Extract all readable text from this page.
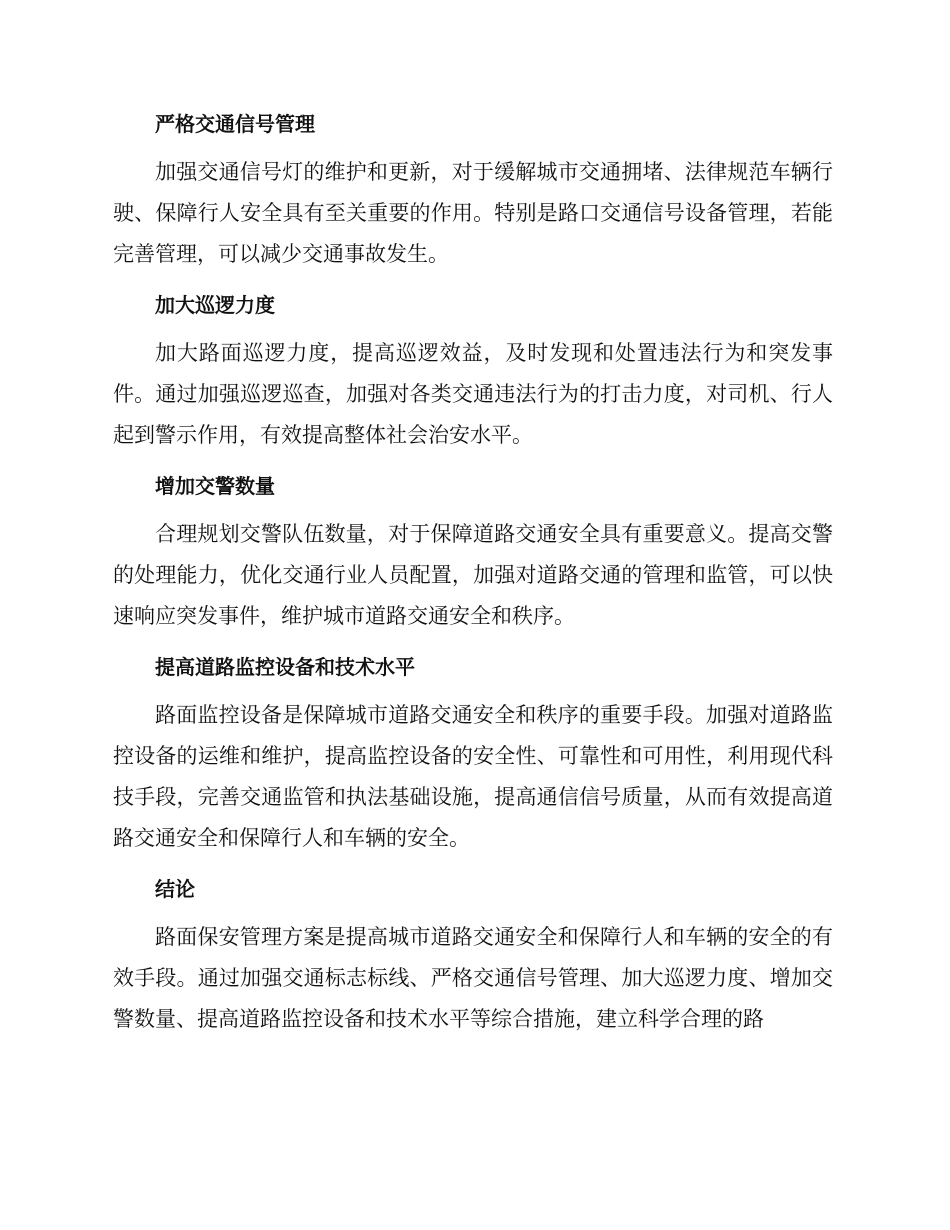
严格交通信号管理

加强交通信号灯的维护和更新，对于缓解城市交通拥堵、法律规范车辆行驶、保障行人安全具有至关重要的作用。特别是路口交通信号设备管理，若能完善管理，可以减少交通事故发生。

加大巡逻力度

加大路面巡逻力度，提高巡逻效益，及时发现和处置违法行为和突发事件。通过加强巡逻巡查，加强对各类交通违法行为的打击力度，对司机、行人起到警示作用，有效提高整体社会治安水平。

增加交警数量

合理规划交警队伍数量，对于保障道路交通安全具有重要意义。提高交警的处理能力，优化交通行业人员配置，加强对道路交通的管理和监管，可以快速响应突发事件，维护城市道路交通安全和秩序。

提高道路监控设备和技术水平

路面监控设备是保障城市道路交通安全和秩序的重要手段。加强对道路监控设备的运维和维护，提高监控设备的安全性、可靠性和可用性，利用现代科技手段，完善交通监管和执法基础设施，提高通信信号质量，从而有效提高道路交通安全和保障行人和车辆的安全。

结论

路面保安管理方案是提高城市道路交通安全和保障行人和车辆的安全的有效手段。通过加强交通标志标线、严格交通信号管理、加大巡逻力度、增加交警数量、提高道路监控设备和技术水平等综合措施，建立科学合理的路
